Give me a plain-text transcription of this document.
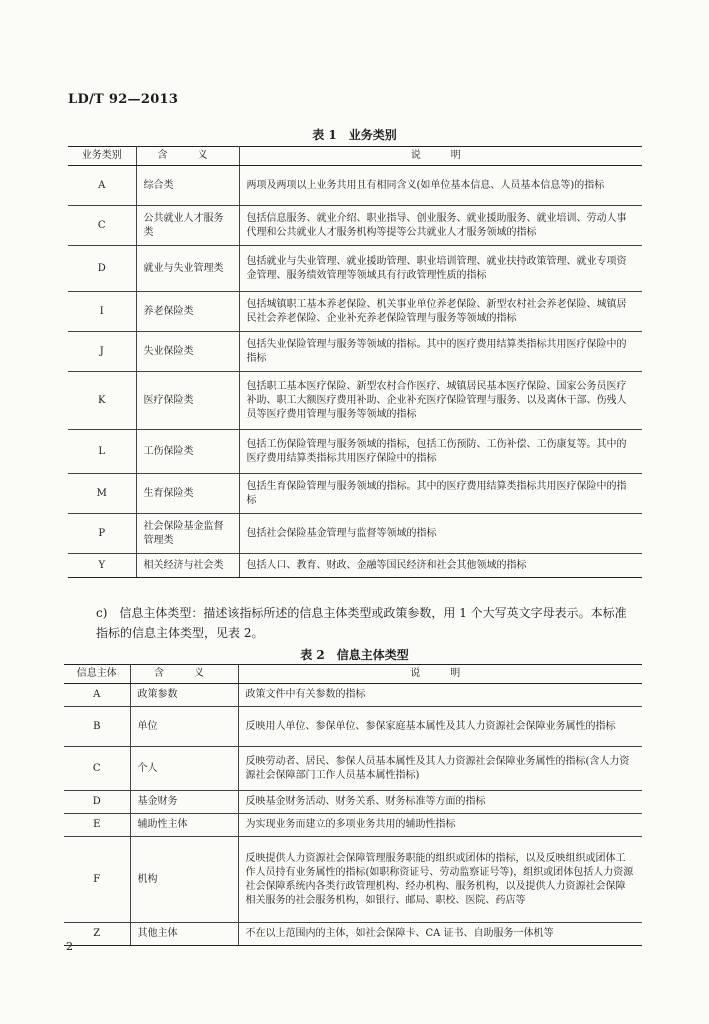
LD/T 92—2013
表 1　业务类别
业务类别	含　义	说　明
A	综合类	两项及两项以上业务共用且有相同含义(如单位基本信息、人员基本信息等)的指标
C	公共就业人才服务类	包括信息服务、就业介绍、职业指导、创业服务、就业援助服务、就业培训、劳动人事代理和公共就业人才服务机构等提等公共就业人才服务领域的指标
D	就业与失业管理类	包括就业与失业管理、就业援助管理、职业培训管理、就业扶持政策管理、就业专项资金管理、服务绩效管理等领域具有行政管理性质的指标
I	养老保险类	包括城镇职工基本养老保险、机关事业单位养老保险、新型农村社会养老保险、城镇居民社会养老保险、企业补充养老保险管理与服务等领域的指标
J	失业保险类	包括失业保险管理与服务等领域的指标。其中的医疗费用结算类指标共用医疗保险中的指标
K	医疗保险类	包括职工基本医疗保险、新型农村合作医疗、城镇居民基本医疗保险、国家公务员医疗补助、职工大额医疗费用补助、企业补充医疗保险管理与服务、以及离休干部、伤残人员等医疗费用管理与服务等领域的指标
L	工伤保险类	包括工伤保险管理与服务领域的指标，包括工伤预防、工伤补偿、工伤康复等。其中的医疗费用结算类指标共用医疗保险中的指标
M	生育保险类	包括生育保险管理与服务领域的指标。其中的医疗费用结算类指标共用医疗保险中的指标
P	社会保险基金监督管理类	包括社会保险基金管理与监督等领域的指标
Y	相关经济与社会类	包括人口、教育、财政、金融等国民经济和社会其他领域的指标
c)　信息主体类型：描述该指标所述的信息主体类型或政策参数，用 1 个大写英文字母表示。本标准指标的信息主体类型，见表 2。
表 2　信息主体类型
信息主体	含　义	说　明
A	政策参数	政策文件中有关参数的指标
B	单位	反映用人单位、参保单位、参保家庭基本属性及其人力资源社会保障业务属性的指标
C	个人	反映劳动者、居民、参保人员基本属性及其人力资源社会保障业务属性的指标(含人力资源社会保障部门工作人员基本属性指标)
D	基金财务	反映基金财务活动、财务关系、财务标准等方面的指标
E	辅助性主体	为实现业务而建立的多项业务共用的辅助性指标
F	机构	反映提供人力资源社会保障管理服务职能的组织或团体的指标，以及反映组织或团体工作人员持有业务属性的指标(如职称资证号、劳动监察证号等)，组织或团体包括人力资源社会保障系统内各类行政管理机构、经办机构、服务机构，以及提供人力资源社会保障相关服务的社会服务机构，如银行、邮局、职校、医院、药店等
Z	其他主体	不在以上范围内的主体，如社会保障卡、CA 证书、自助服务一体机等
2
